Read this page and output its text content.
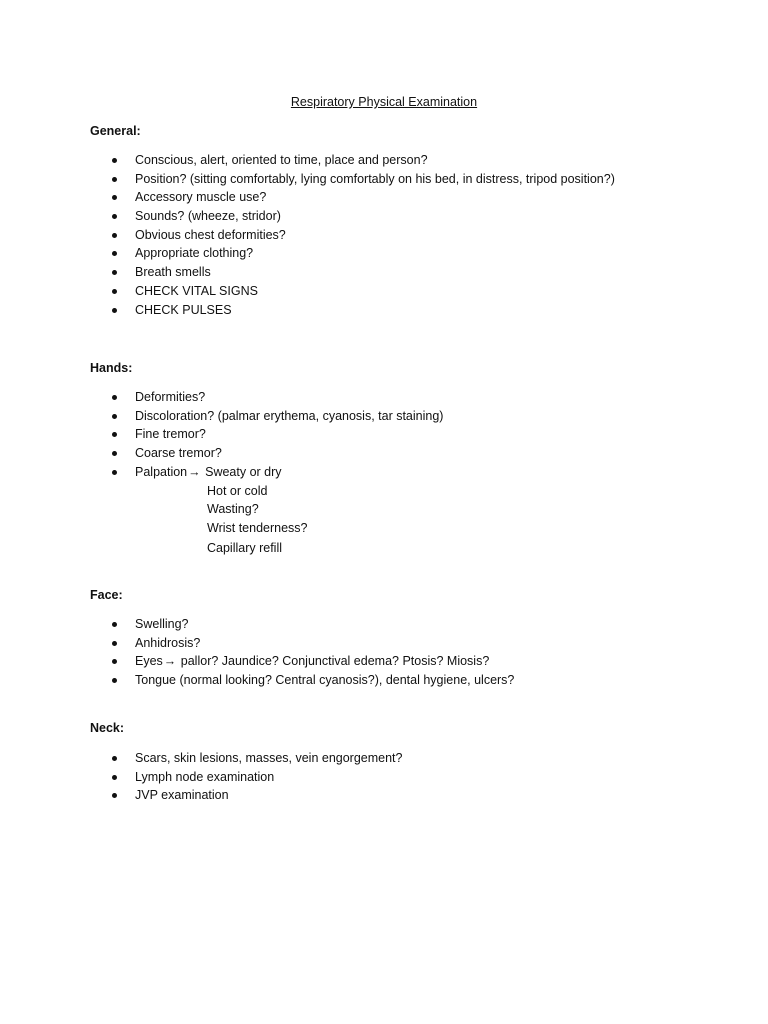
Respiratory Physical Examination
General:
Conscious, alert, oriented to time, place and person?
Position? (sitting comfortably, lying comfortably on his bed, in distress, tripod position?)
Accessory muscle use?
Sounds? (wheeze, stridor)
Obvious chest deformities?
Appropriate clothing?
Breath smells
CHECK VITAL SIGNS
CHECK PULSES
Hands:
Deformities?
Discoloration? (palmar erythema, cyanosis, tar staining)
Fine tremor?
Coarse tremor?
Palpation→ Sweaty or dry
Hot or cold
Wasting?
Wrist tenderness?
Capillary refill
Face:
Swelling?
Anhidrosis?
Eyes→ pallor? Jaundice? Conjunctival edema? Ptosis? Miosis?
Tongue (normal looking? Central cyanosis?), dental hygiene, ulcers?
Neck:
Scars, skin lesions, masses, vein engorgement?
Lymph node examination
JVP examination
